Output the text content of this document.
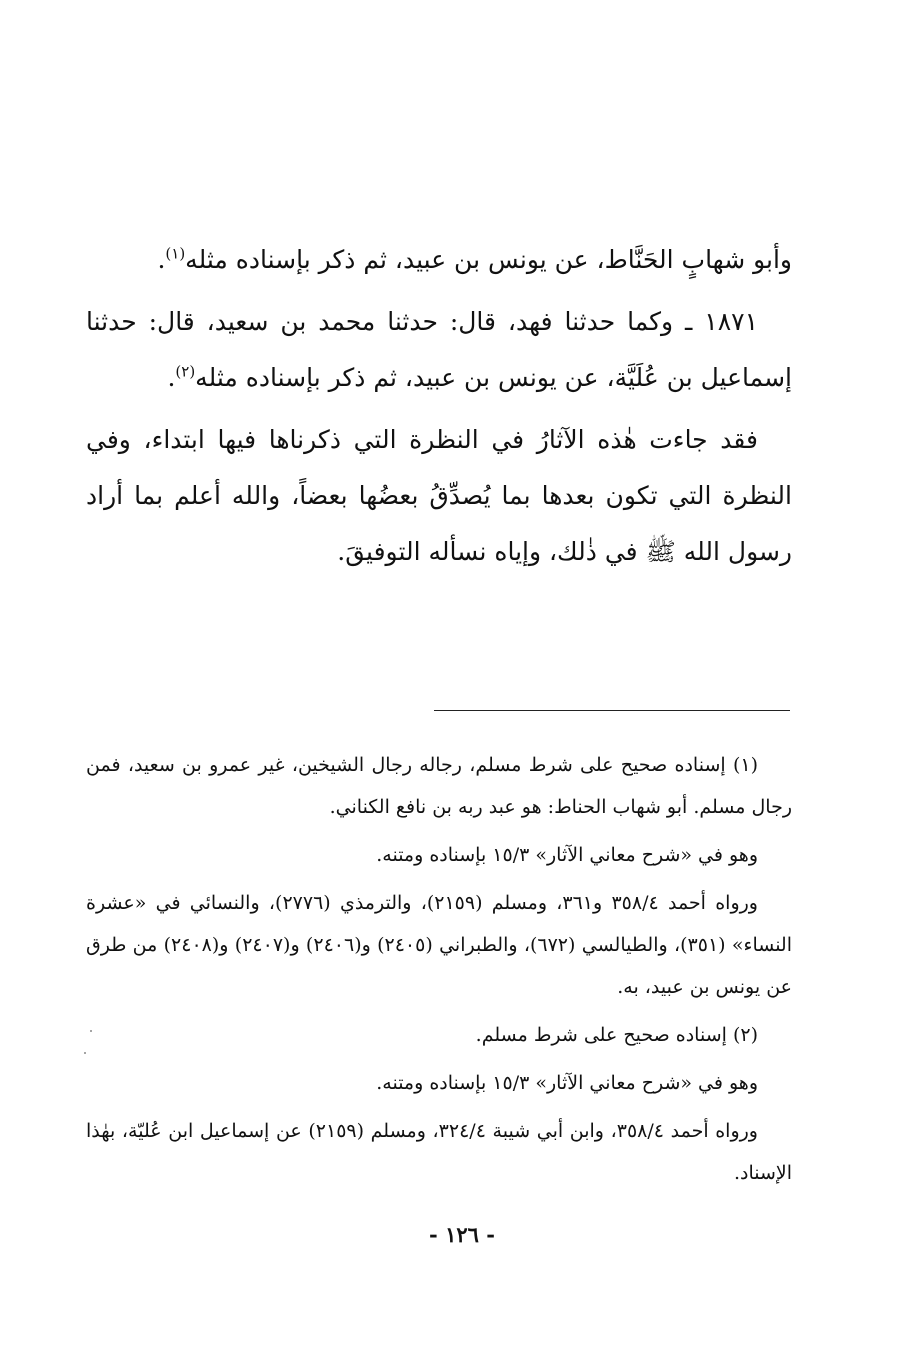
وأبو شهابٍ الحَنَّاط، عن يونس بن عبيد، ثم ذكر بإسناده مثله$^{(١)}$.

١٨٧١ ـ وكما حدثنا فهد، قال: حدثنا محمد بن سعيد، قال: حدثنا إسماعيل بن عُلَيَّة، عن يونس بن عبيد، ثم ذكر بإسناده مثله$^{(٢)}$.

فقد جاءت هٰذه الآثارُ في النظرة التي ذكرناها فيها ابتداء، وفي النظرة التي تكون بعدها بما يُصدِّقُ بعضُها بعضاً، والله أعلم بما أراد رسول الله ﷺ في ذٰلك، وإياه نسأله التوفيقَ.

(١) إسناده صحيح على شرط مسلم، رجاله رجال الشيخين، غير عمرو بن سعيد، فمن رجال مسلم. أبو شهاب الحناط: هو عبد ربه بن نافع الكناني.

وهو في «شرح معاني الآثار» ١٥/٣ بإسناده ومتنه.

ورواه أحمد ٣٥٨/٤ و٣٦١، ومسلم (٢١٥٩)، والترمذي (٢٧٧٦)، والنسائي في «عشرة النساء» (٣٥١)، والطيالسي (٦٧٢)، والطبراني (٢٤٠٥) و(٢٤٠٦) و(٢٤٠٧) و(٢٤٠٨) من طرق عن يونس بن عبيد، به.

(٢) إسناده صحيح على شرط مسلم.

وهو في «شرح معاني الآثار» ١٥/٣ بإسناده ومتنه.

ورواه أحمد ٣٥٨/٤، وابن أبي شيبة ٣٢٤/٤، ومسلم (٢١٥٩) عن إسماعيل ابن عُليّة، بهٰذا الإسناد.

- ١٢٦ -
